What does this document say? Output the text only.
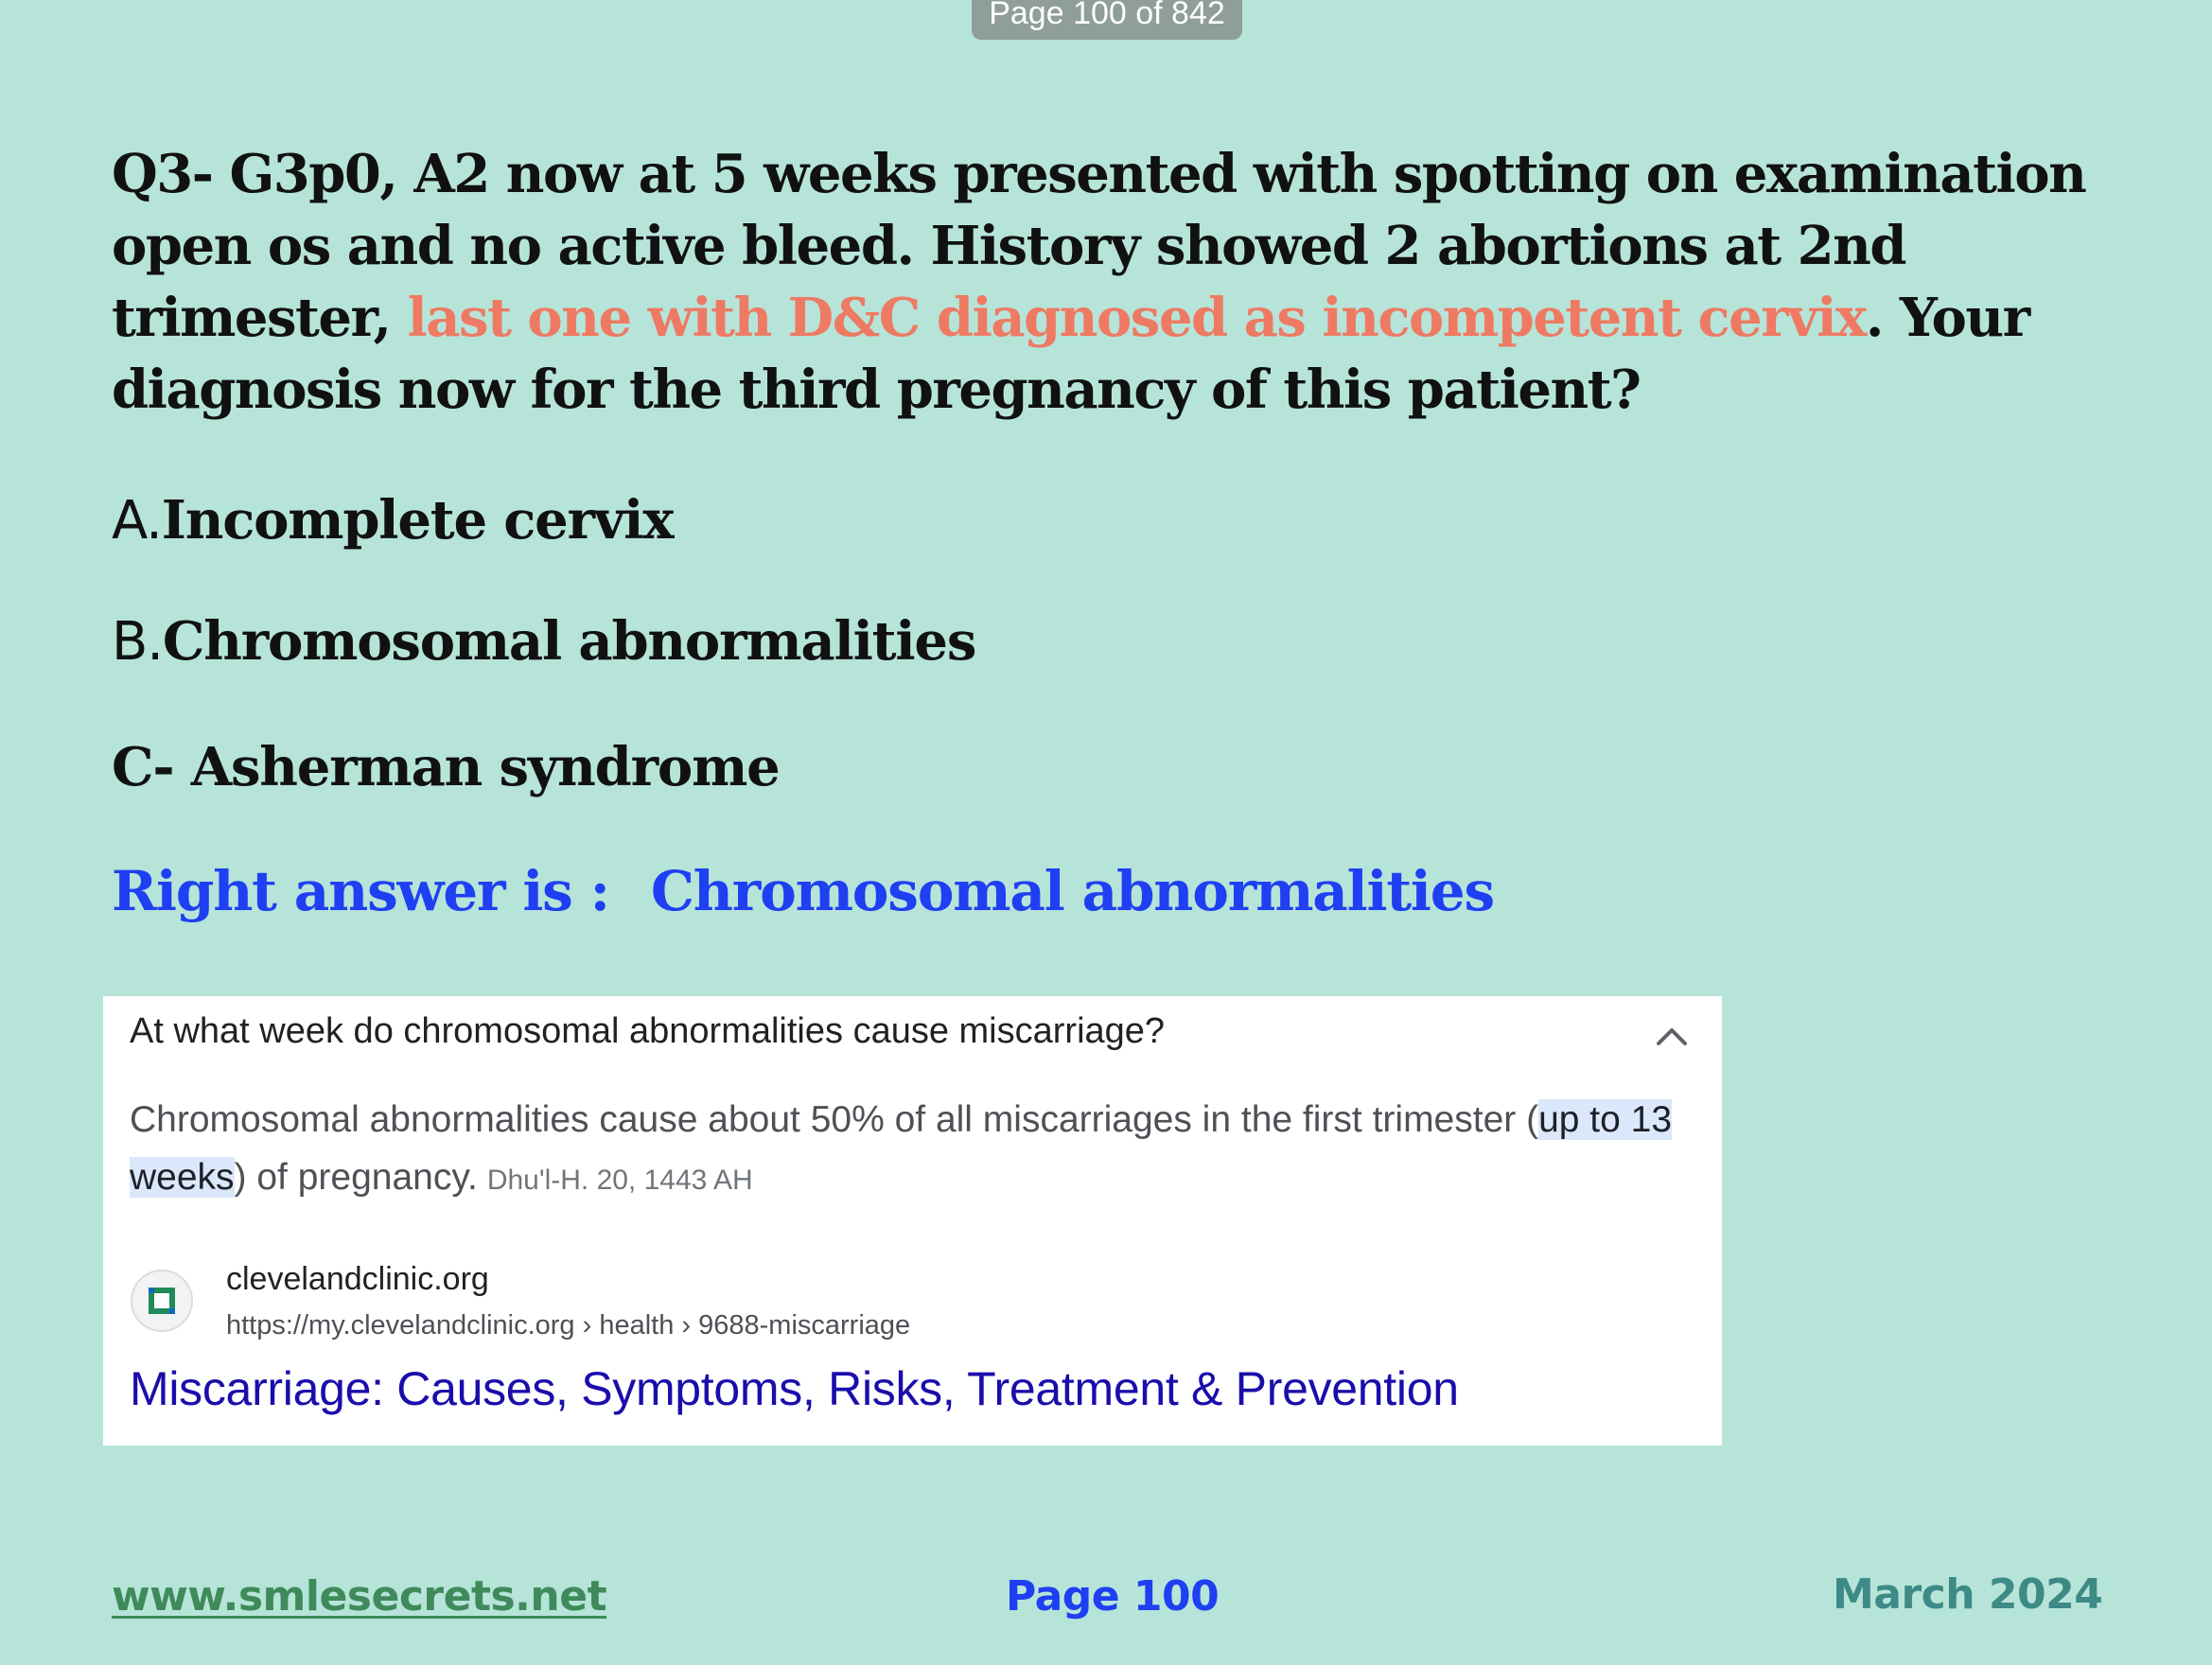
Page 100 of 842

Q3- G3p0, A2 now at 5 weeks presented with spotting on examination open os and no active bleed. History showed 2 abortions at 2nd trimester, last one with D&C diagnosed as incompetent cervix. Your diagnosis now for the third pregnancy of this patient?

A.Incomplete cervix

B.Chromosomal abnormalities

C- Asherman syndrome

Right answer is : Chromosomal abnormalities

At what week do chromosomal abnormalities cause miscarriage?
Chromosomal abnormalities cause about 50% of all miscarriages in the first trimester (up to 13 weeks) of pregnancy. Dhu'l-H. 20, 1443 AH
clevelandclinic.org
https://my.clevelandclinic.org › health › 9688-miscarriage
Miscarriage: Causes, Symptoms, Risks, Treatment & Prevention
www.smlesecrets.net	Page 100	March 2024
